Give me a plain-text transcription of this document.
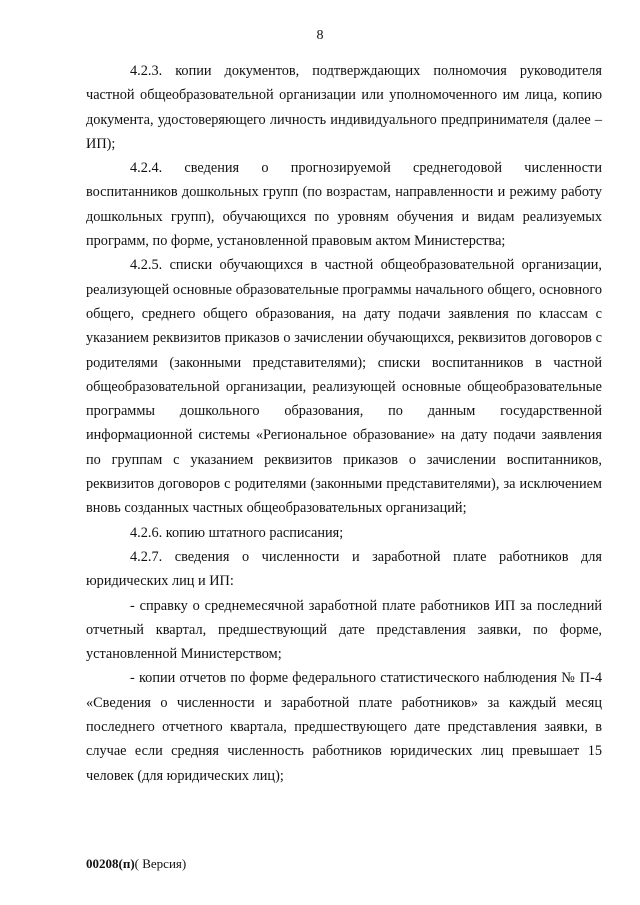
8

4.2.3. копии документов, подтверждающих полномочия руководителя частной общеобразовательной организации или уполномоченного им лица, копию документа, удостоверяющего личность индивидуального предпринимателя (далее – ИП);

4.2.4. сведения о прогнозируемой среднегодовой численности воспитанников дошкольных групп (по возрастам, направленности и режиму работу дошкольных групп), обучающихся по уровням обучения и видам реализуемых программ, по форме, установленной правовым актом Министерства;

4.2.5. списки обучающихся в частной общеобразовательной организации, реализующей основные образовательные программы начального общего, основного общего, среднего общего образования, на дату подачи заявления по классам с указанием реквизитов приказов о зачислении обучающихся, реквизитов договоров с родителями (законными представителями); списки воспитанников в частной общеобразовательной организации, реализующей основные общеобразовательные программы дошкольного образования, по данным государственной информационной системы «Региональное образование» на дату подачи заявления по группам с указанием реквизитов приказов о зачислении воспитанников, реквизитов договоров с родителями (законными представителями), за исключением вновь созданных частных общеобразовательных организаций;

4.2.6. копию штатного расписания;

4.2.7. сведения о численности и заработной плате работников для юридических лиц и ИП:

- справку о среднемесячной заработной плате работников ИП за последний отчетный квартал, предшествующий дате представления заявки, по форме, установленной Министерством;

- копии отчетов по форме федерального статистического наблюдения № П-4 «Сведения о численности и заработной плате работников» за каждый месяц последнего отчетного квартала, предшествующего дате представления заявки, в случае если средняя численность работников юридических лиц превышает 15 человек (для юридических лиц);

00208(п)( Версия)
